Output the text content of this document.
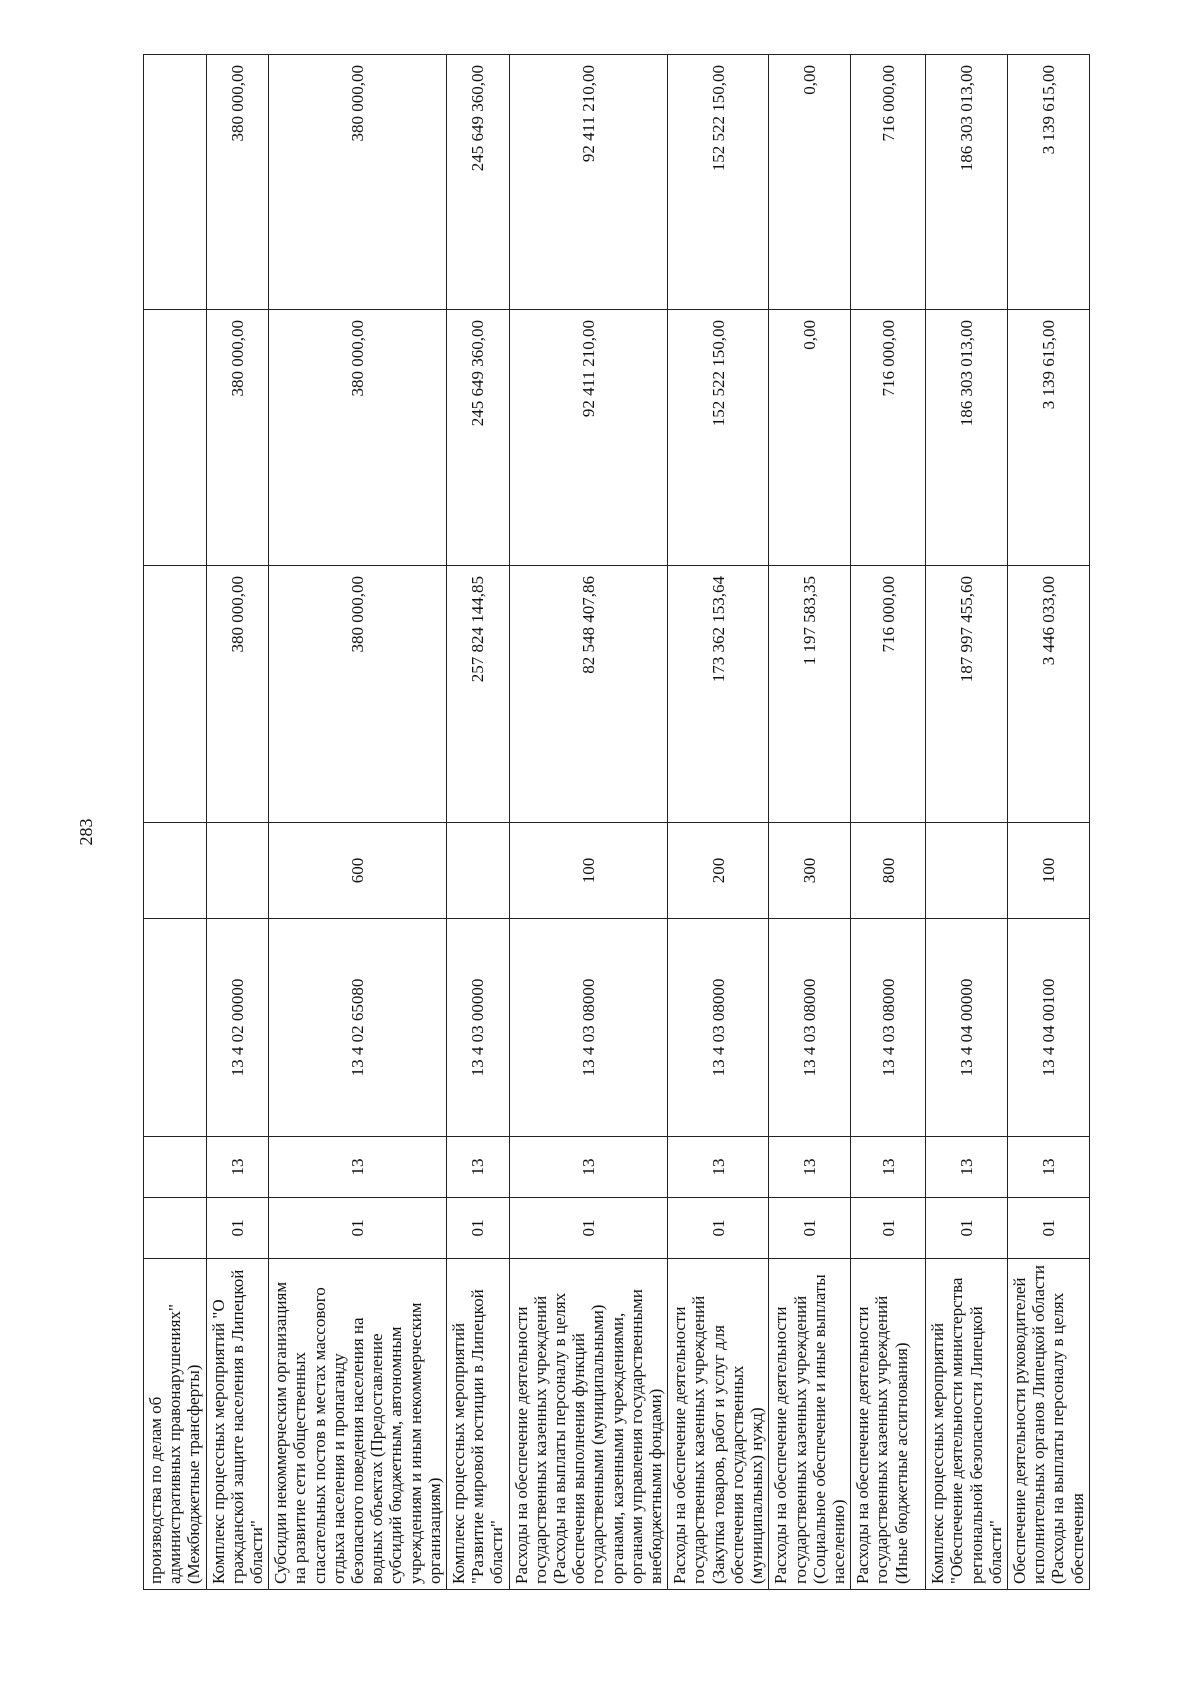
283
производства по делам об административных правонарушениях" (Межбюджетные трансферты)							
Комплекс процессных мероприятий "О гражданской защите населения в Липецкой области"	01	13	13 4 02 00000		380 000,00	380 000,00	380 000,00
Субсидии некоммерческим организациям на развитие сети общественных спасательных постов в местах массового отдыха населения и пропаганду безопасного поведения населения на водных объектах (Предоставление субсидий бюджетным, автономным учреждениям и иным некоммерческим организациям)	01	13	13 4 02 65080	600	380 000,00	380 000,00	380 000,00
Комплекс процессных мероприятий "Развитие мировой юстиции в Липецкой области"	01	13	13 4 03 00000		257 824 144,85	245 649 360,00	245 649 360,00
Расходы на обеспечение деятельности государственных казенных учреждений (Расходы на выплаты персоналу в целях обеспечения выполнения функций государственными (муниципальными) органами, казенными учреждениями, органами управления государственными внебюджетными фондами)	01	13	13 4 03 08000	100	82 548 407,86	92 411 210,00	92 411 210,00
Расходы на обеспечение деятельности государственных казенных учреждений (Закупка товаров, работ и услуг для обеспечения государственных (муниципальных) нужд)	01	13	13 4 03 08000	200	173 362 153,64	152 522 150,00	152 522 150,00
Расходы на обеспечение деятельности государственных казенных учреждений (Социальное обеспечение и иные выплаты населению)	01	13	13 4 03 08000	300	1 197 583,35	0,00	0,00
Расходы на обеспечение деятельности государственных казенных учреждений (Иные бюджетные ассигнования)	01	13	13 4 03 08000	800	716 000,00	716 000,00	716 000,00
Комплекс процессных мероприятий "Обеспечение деятельности министерства региональной безопасности Липецкой области"	01	13	13 4 04 00000		187 997 455,60	186 303 013,00	186 303 013,00
Обеспечение деятельности руководителей исполнительных органов Липецкой области (Расходы на выплаты персоналу в целях обеспечения	01	13	13 4 04 00100	100	3 446 033,00	3 139 615,00	3 139 615,00
